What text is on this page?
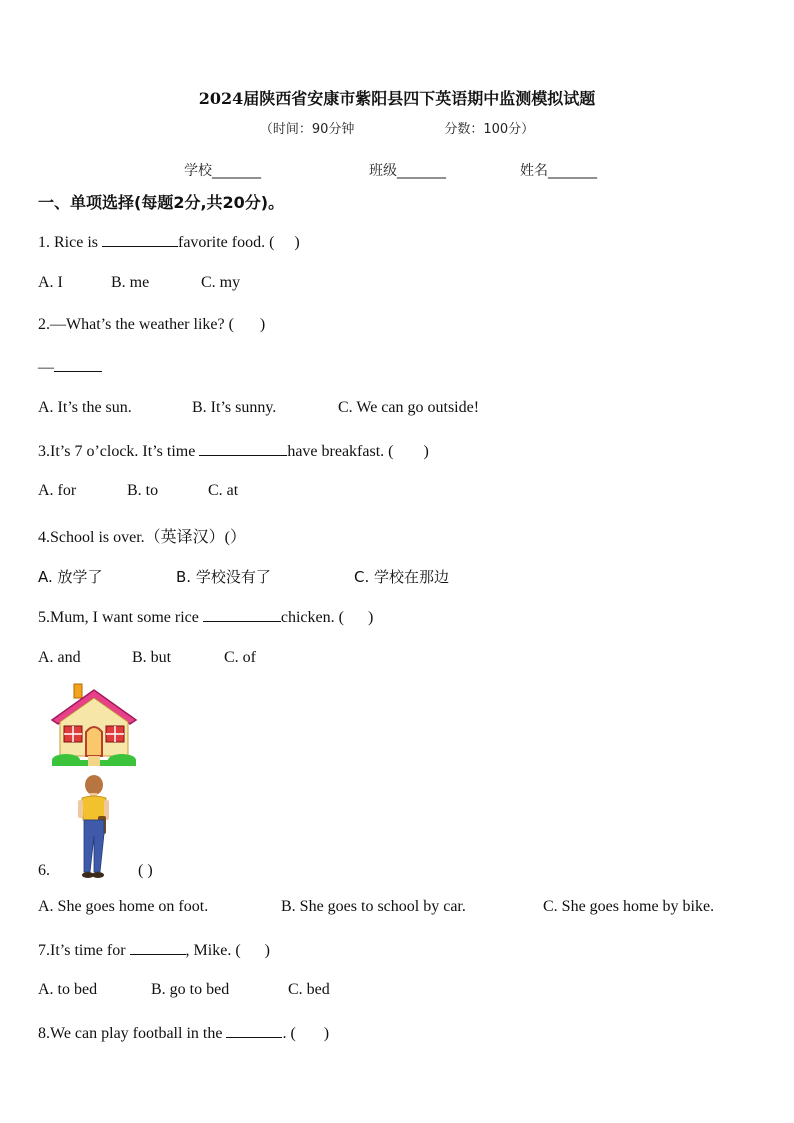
2024届陕西省安康市紫阳县四下英语期中监测模拟试题
（时间：90分钟	分数：100分）
学校_______	班级_______	姓名_______
一、单项选择(每题2分,共20分)。
1. Rice is	favorite food. ( )
A. I	B. me	C. my
2.—What’s the weather like? ( )
—
A. It’s the sun.	B. It’s sunny.	C. We can go outside!
3.It’s 7 o’clock. It’s time	have breakfast. ( )
A. for	B. to	C. at
4.School is over.（英译汉）(）
A. 放学了	B. 学校没有了	C. 学校在那边
5.Mum, I want some rice	chicken. ( )
A. and	B. but	C. of
6.	( )
A. She goes home on foot.	B. She goes to school by car.	C. She goes home by bike.
7.It’s time for	, Mike. ( )
A. to bed	B. go to bed	C. bed
8.We can play football in the	. ( )
